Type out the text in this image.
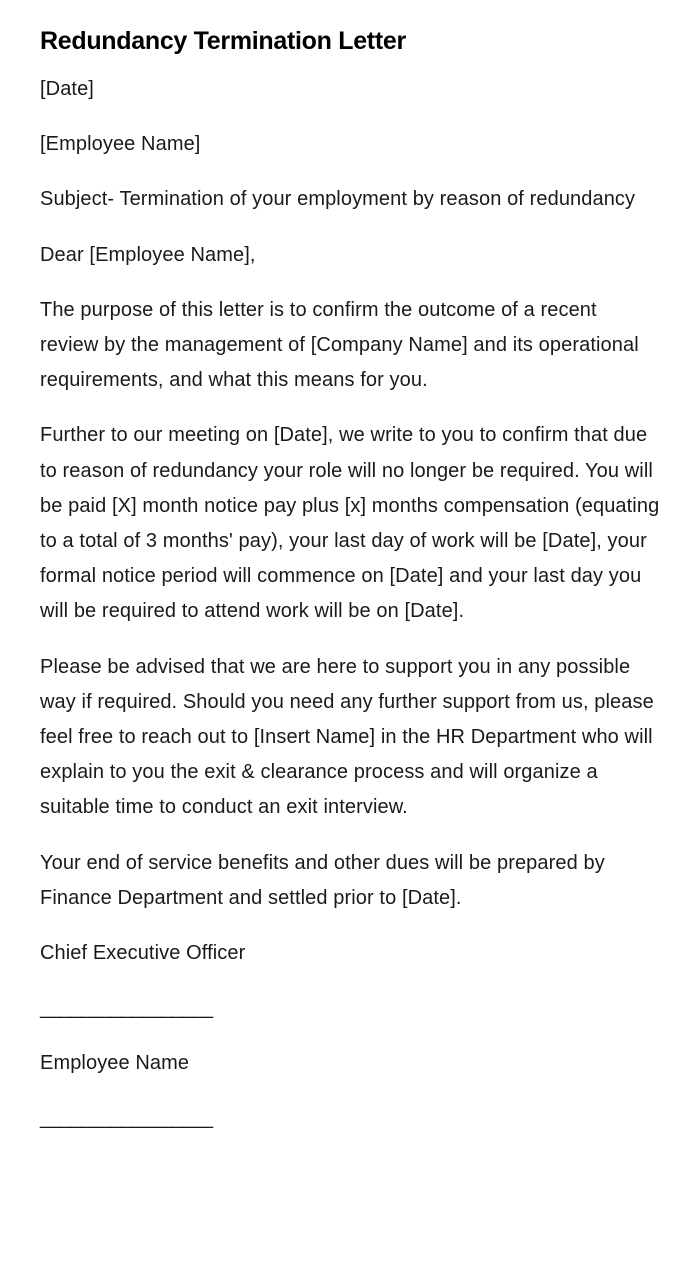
Redundancy Termination Letter

[Date]

[Employee Name]

Subject- Termination of your employment by reason of redundancy

Dear [Employee Name],

The purpose of this letter is to confirm the outcome of a recent review by the management of [Company Name] and its operational requirements, and what this means for you.

Further to our meeting on [Date], we write to you to confirm that due to reason of redundancy your role will no longer be required. You will be paid [X] month notice pay plus [x] months compensation (equating to a total of 3 months' pay), your last day of work will be [Date], your formal notice period will commence on [Date] and your last day you will be required to attend work will be on [Date].

Please be advised that we are here to support you in any possible way if required. Should you need any further support from us, please feel free to reach out to [Insert Name] in the HR Department who will explain to you the exit & clearance process and will organize a suitable time to conduct an exit interview.

Your end of service benefits and other dues will be prepared by Finance Department and settled prior to [Date].

Chief Executive Officer

_________________

Employee Name

_________________
